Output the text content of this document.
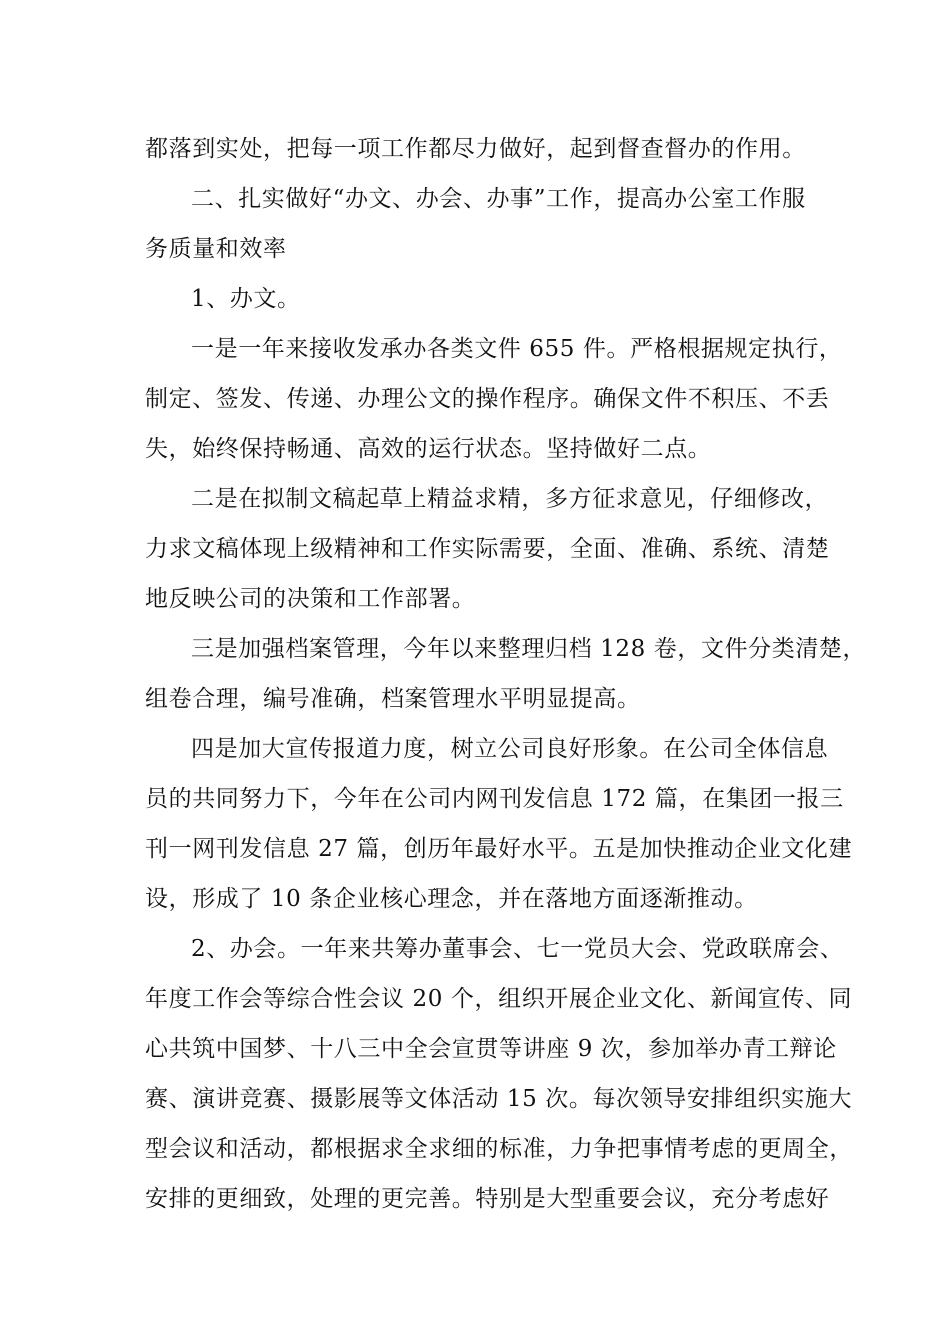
都落到实处，把每一项工作都尽力做好，起到督查督办的作用。
二、扎实做好“办文、办会、办事”工作，提高办公室工作服
务质量和效率
1、办文。
一是一年来接收发承办各类文件 655 件。严格根据规定执行，
制定、签发、传递、办理公文的操作程序。确保文件不积压、不丢
失，始终保持畅通、高效的运行状态。坚持做好二点。
二是在拟制文稿起草上精益求精，多方征求意见，仔细修改，
力求文稿体现上级精神和工作实际需要，全面、准确、系统、清楚
地反映公司的决策和工作部署。
三是加强档案管理，今年以来整理归档 128 卷，文件分类清楚，
组卷合理，编号准确，档案管理水平明显提高。
四是加大宣传报道力度，树立公司良好形象。在公司全体信息
员的共同努力下，今年在公司内网刊发信息 172 篇，在集团一报三
刊一网刊发信息 27 篇，创历年最好水平。五是加快推动企业文化建
设，形成了 10 条企业核心理念，并在落地方面逐渐推动。
2、办会。一年来共筹办董事会、七一党员大会、党政联席会、
年度工作会等综合性会议 20 个，组织开展企业文化、新闻宣传、同
心共筑中国梦、十八三中全会宣贯等讲座 9 次，参加举办青工辩论
赛、演讲竞赛、摄影展等文体活动 15 次。每次领导安排组织实施大
型会议和活动，都根据求全求细的标准，力争把事情考虑的更周全，
安排的更细致，处理的更完善。特别是大型重要会议，充分考虑好
